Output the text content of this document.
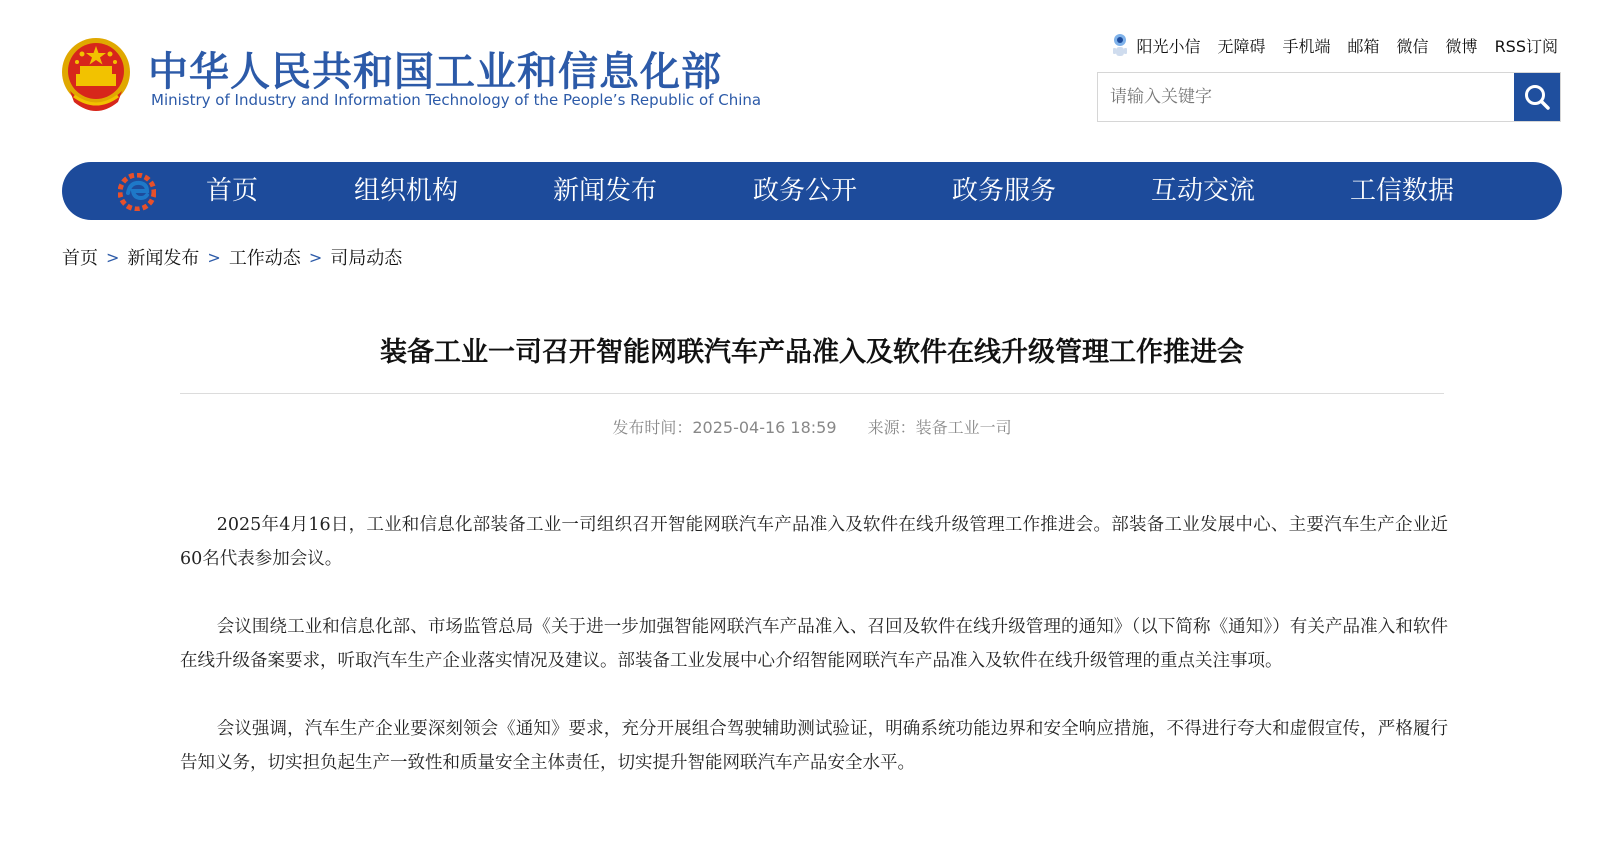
中华人民共和国工业和信息化部
Ministry of Industry and Information Technology of the People’s Republic of China
阳光小信 无障碍 手机端 邮箱 微信 微博 RSS订阅
请输入关键字
首页	组织机构	新闻发布	政务公开	政务服务	互动交流	工信数据
首页 > 新闻发布 > 工作动态 > 司局动态
装备工业一司召开智能网联汽车产品准入及软件在线升级管理工作推进会
发布时间：2025-04-16 18:59 来源：装备工业一司

2025年4月16日，工业和信息化部装备工业一司组织召开智能网联汽车产品准入及软件在线升级管理工作推进会。部装备工业发展中心、主要汽车生产企业近60名代表参加会议。

会议围绕工业和信息化部、市场监管总局《关于进一步加强智能网联汽车产品准入、召回及软件在线升级管理的通知》（以下简称《通知》）有关产品准入和软件在线升级备案要求，听取汽车生产企业落实情况及建议。部装备工业发展中心介绍智能网联汽车产品准入及软件在线升级管理的重点关注事项。

会议强调，汽车生产企业要深刻领会《通知》要求，充分开展组合驾驶辅助测试验证，明确系统功能边界和安全响应措施，不得进行夸大和虚假宣传，严格履行告知义务，切实担负起生产一致性和质量安全主体责任，切实提升智能网联汽车产品安全水平。
